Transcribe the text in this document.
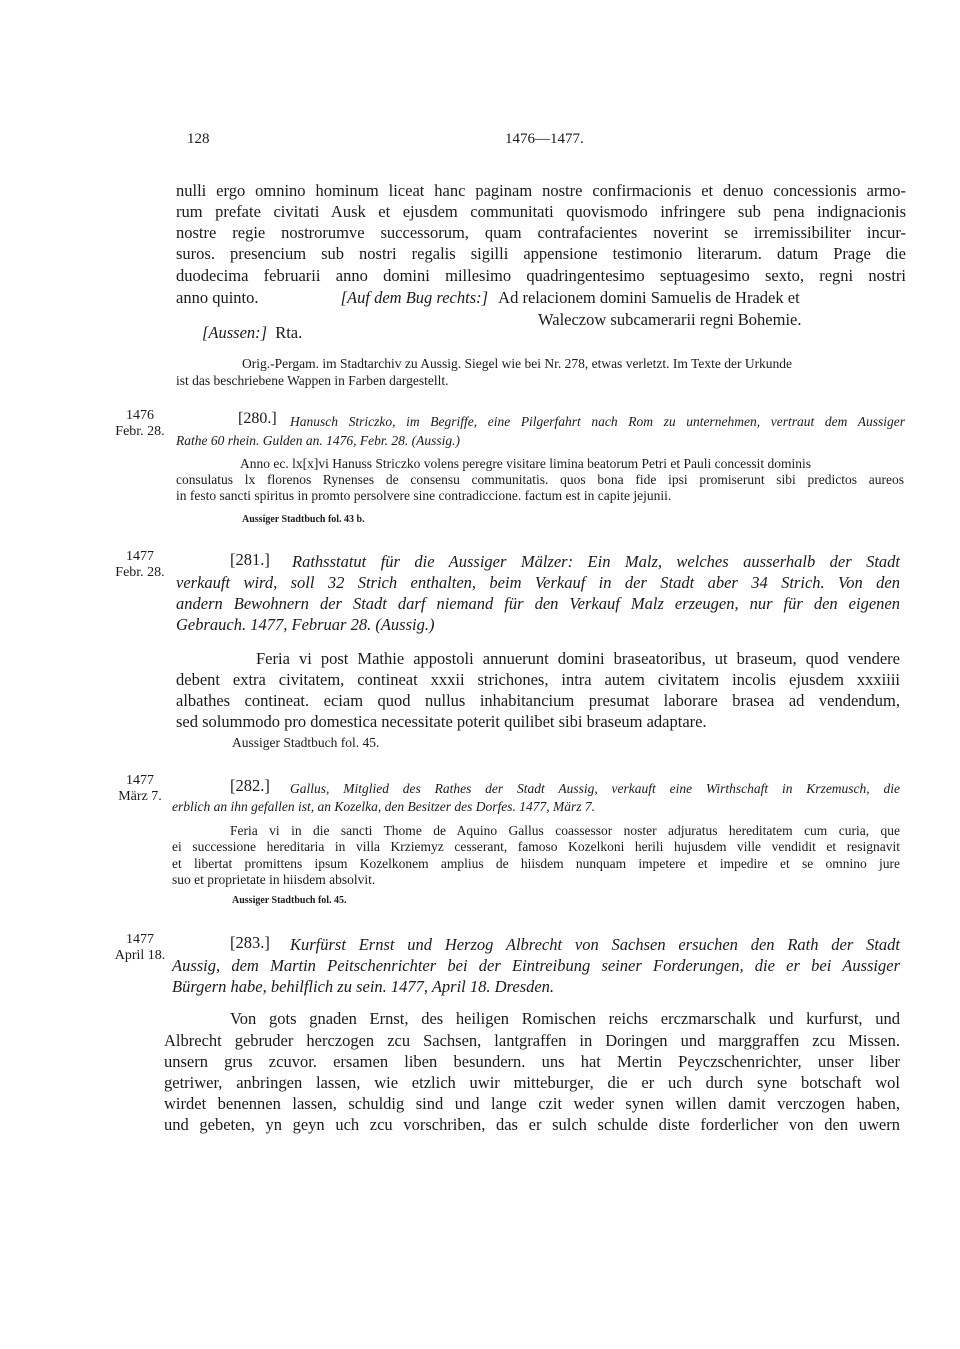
128	1476—1477.
nulli ergo omnino hominum liceat hanc paginam nostre confirmacionis et denuo concessionis armo-
rum prefate civitati Ausk et ejusdem communitati quovismodo infringere sub pena indignacionis
nostre regie nostrorumve successorum, quam contrafacientes noverint se irremissibiliter incur-
suros. presencium sub nostri regalis sigilli appensione testimonio literarum. datum Prage die
duodecima februarii anno domini millesimo quadringentesimo septuagesimo sexto, regni nostri
anno quinto.	[Auf dem Bug rechts:] Ad relacionem domini Samuelis de Hradek et
Waleczow subcamerarii regni Bohemie.
[Aussen:] Rta.
Orig.-Pergam. im Stadtarchiv zu Aussig. Siegel wie bei Nr. 278, etwas verletzt. Im Texte der Urkunde
ist das beschriebene Wappen in Farben dargestellt.
1476
Febr. 28.
[280.] Hanusch Striczko, im Begriffe, eine Pilgerfahrt nach Rom zu unternehmen, vertraut dem Aussiger
Rathe 60 rhein. Gulden an. 1476, Febr. 28. (Aussig.)
Anno ec. lx[x]vi Hanuss Striczko volens peregre visitare limina beatorum Petri et Pauli concessit dominis
consulatus lx florenos Rynenses de consensu communitatis. quos bona fide ipsi promiserunt sibi predictos aureos
in festo sancti spiritus in promto persolvere sine contradiccione. factum est in capite jejunii.
Aussiger Stadtbuch fol. 43 b.
1477
Febr. 28.
[281.] Rathsstatut für die Aussiger Mälzer: Ein Malz, welches ausserhalb der Stadt
verkauft wird, soll 32 Strich enthalten, beim Verkauf in der Stadt aber 34 Strich. Von den
andern Bewohnern der Stadt darf niemand für den Verkauf Malz erzeugen, nur für den eigenen
Gebrauch. 1477, Februar 28. (Aussig.)
Feria vi post Mathie appostoli annuerunt domini braseatoribus, ut braseum, quod vendere
debent extra civitatem, contineat xxxii strichones, intra autem civitatem incolis ejusdem xxxiiii
albathes contineat. eciam quod nullus inhabitancium presumat laborare brasea ad vendendum,
sed solummodo pro domestica necessitate poterit quilibet sibi braseum adaptare.
Aussiger Stadtbuch fol. 45.
1477
März 7.
[282.] Gallus, Mitglied des Rathes der Stadt Aussig, verkauft eine Wirthschaft in Krzemusch, die
erblich an ihn gefallen ist, an Kozelka, den Besitzer des Dorfes. 1477, März 7.
Feria vi in die sancti Thome de Aquino Gallus coassessor noster adjuratus hereditatem cum curia, que
ei successione hereditaria in villa Krziemyz cesserant, famoso Kozelkoni herili hujusdem ville vendidit et resignavit
et libertat promittens ipsum Kozelkonem amplius de hiisdem nunquam impetere et impedire et se omnino jure
suo et proprietate in hiisdem absolvit.
Aussiger Stadtbuch fol. 45.
1477
April 18.
[283.] Kurfürst Ernst und Herzog Albrecht von Sachsen ersuchen den Rath der Stadt
Aussig, dem Martin Peitschenrichter bei der Eintreibung seiner Forderungen, die er bei Aussiger
Bürgern habe, behilflich zu sein. 1477, April 18. Dresden.
Von gots gnaden Ernst, des heiligen Romischen reichs erczmarschalk und kurfurst, und
Albrecht gebruder herczogen zcu Sachsen, lantgraffen in Doringen und marggraffen zcu Missen.
unsern grus zcuvor. ersamen liben besundern. uns hat Mertin Peyczschenrichter, unser liber
getriwer, anbringen lassen, wie etzlich uwir mitteburger, die er uch durch syne botschaft wol
wirdet benennen lassen, schuldig sind und lange czit weder synen willen damit verczogen haben,
und gebeten, yn geyn uch zcu vorschriben, das er sulch schulde diste forderlicher von den uwern
